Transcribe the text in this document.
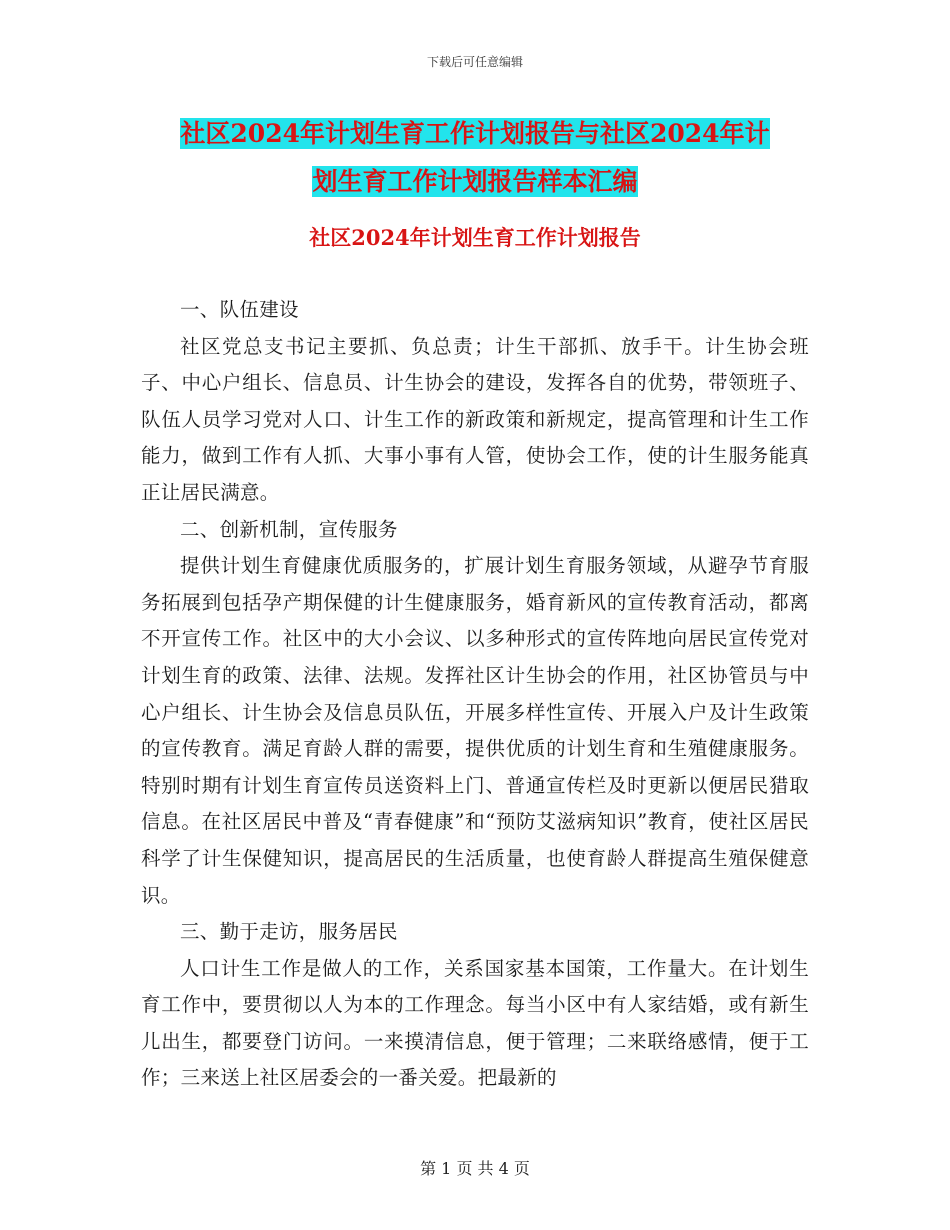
下载后可任意编辑
社区2024年计划生育工作计划报告与社区2024年计
划生育工作计划报告样本汇编
社区2024年计划生育工作计划报告

一、队伍建设

社区党总支书记主要抓、负总责；计生干部抓、放手干。计生协会班子、中心户组长、信息员、计生协会的建设，发挥各自的优势，带领班子、队伍人员学习党对人口、计生工作的新政策和新规定，提高管理和计生工作能力，做到工作有人抓、大事小事有人管，使协会工作，使的计生服务能真正让居民满意。

二、创新机制，宣传服务

提供计划生育健康优质服务的，扩展计划生育服务领域，从避孕节育服务拓展到包括孕产期保健的计生健康服务，婚育新风的宣传教育活动，都离不开宣传工作。社区中的大小会议、以多种形式的宣传阵地向居民宣传党对计划生育的政策、法律、法规。发挥社区计生协会的作用，社区协管员与中心户组长、计生协会及信息员队伍，开展多样性宣传、开展入户及计生政策的宣传教育。满足育龄人群的需要，提供优质的计划生育和生殖健康服务。特别时期有计划生育宣传员送资料上门、普通宣传栏及时更新以便居民猎取信息。在社区居民中普及“青春健康”和“预防艾滋病知识”教育，使社区居民科学了计生保健知识，提高居民的生活质量，也使育龄人群提高生殖保健意识。

三、勤于走访，服务居民

人口计生工作是做人的工作，关系国家基本国策，工作量大。在计划生育工作中，要贯彻以人为本的工作理念。每当小区中有人家结婚，或有新生儿出生，都要登门访问。一来摸清信息，便于管理；二来联络感情，便于工作；三来送上社区居委会的一番关爱。把最新的

第 1 页 共 4 页
